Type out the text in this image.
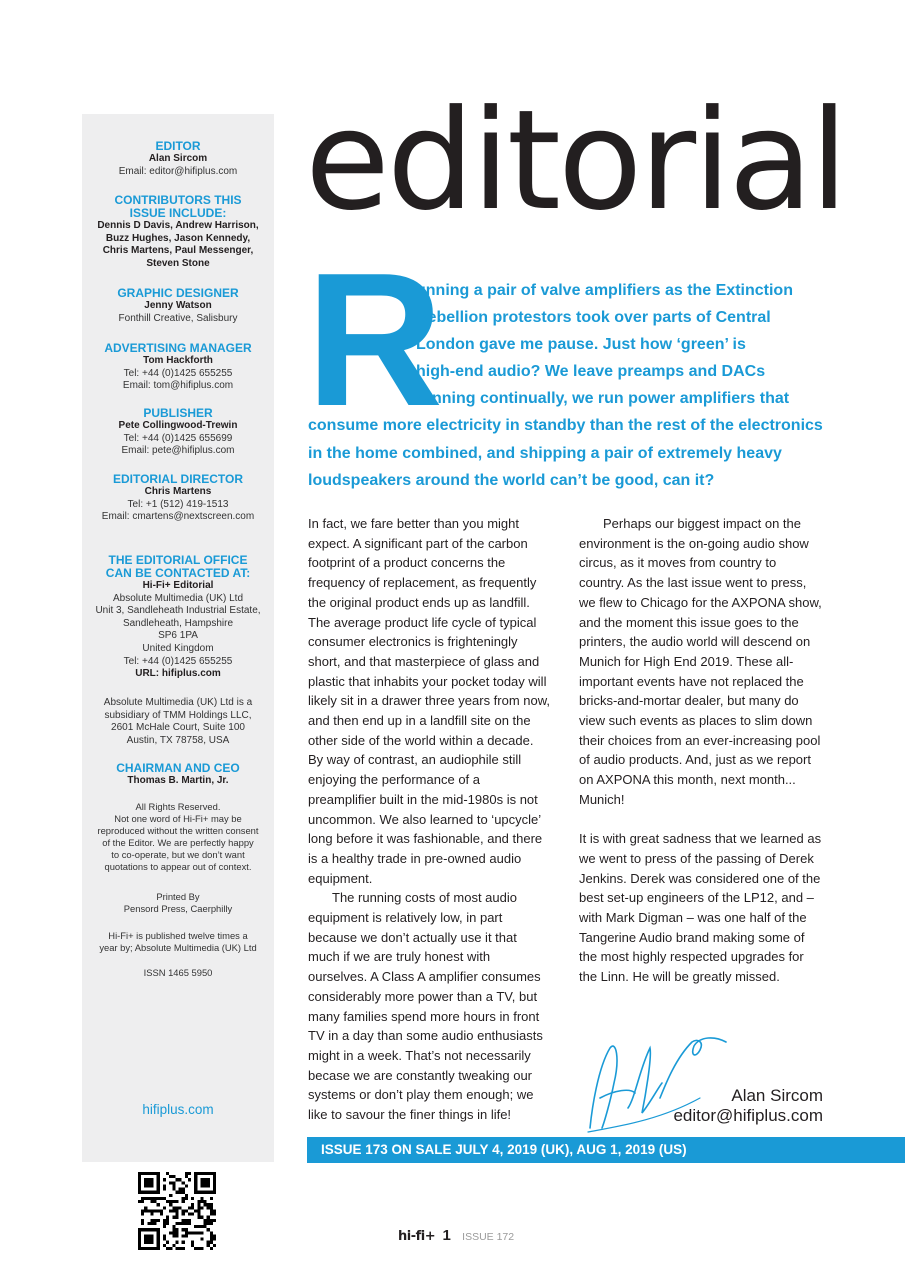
EDITOR
Alan Sircom
Email: editor@hifiplus.com
CONTRIBUTORS THIS
ISSUE INCLUDE:
Dennis D Davis, Andrew Harrison,
Buzz Hughes, Jason Kennedy,
Chris Martens, Paul Messenger,
Steven Stone
GRAPHIC DESIGNER
Jenny Watson
Fonthill Creative, Salisbury
ADVERTISING MANAGER
Tom Hackforth
Tel: +44 (0)1425 655255
Email: tom@hifiplus.com
PUBLISHER
Pete Collingwood-Trewin
Tel: +44 (0)1425 655699
Email: pete@hifiplus.com
EDITORIAL DIRECTOR
Chris Martens
Tel: +1 (512) 419-1513
Email: cmartens@nextscreen.com
THE EDITORIAL OFFICE
CAN BE CONTACTED AT:
Hi-Fi+ Editorial
Absolute Multimedia (UK) Ltd
Unit 3, Sandleheath Industrial Estate,
Sandleheath, Hampshire
SP6 1PA
United Kingdom
Tel: +44 (0)1425 655255
URL: hifiplus.com
Absolute Multimedia (UK) Ltd is a
subsidiary of TMM Holdings LLC,
2601 McHale Court, Suite 100
Austin, TX 78758, USA
CHAIRMAN AND CEO
Thomas B. Martin, Jr.
All Rights Reserved.
Not one word of Hi-Fi+ may be
reproduced without the written consent
of the Editor. We are perfectly happy
to co-operate, but we don’t want
quotations to appear out of context.
Printed By
Pensord Press, Caerphilly
Hi-Fi+ is published twelve times a
year by; Absolute Multimedia (UK) Ltd
ISSN 1465 5950
hifiplus.com
editorial
R
unning a pair of valve amplifiers as the Extinction
Rebellion protestors took over parts of Central
London gave me pause. Just how ‘green’ is
high-end audio? We leave preamps and DACs
running continually, we run power amplifiers that
consume more electricity in standby than the rest of the electronics
in the home combined, and shipping a pair of extremely heavy
loudspeakers around the world can’t be good, can it?

In fact, we fare better than you might expect. A significant part of the carbon footprint of a product concerns the frequency of replacement, as frequently the original product ends up as landfill. The average product life cycle of typical consumer electronics is frighteningly short, and that masterpiece of glass and plastic that inhabits your pocket today will likely sit in a drawer three years from now, and then end up in a landfill site on the other side of the world within a decade. By way of contrast, an audiophile still enjoying the performance of a preamplifier built in the mid-1980s is not uncommon. We also learned to ‘upcycle’ long before it was fashionable, and there is a healthy trade in pre-owned audio equipment.

The running costs of most audio equipment is relatively low, in part because we don’t actually use it that much if we are truly honest with ourselves. A Class A amplifier consumes considerably more power than a TV, but many families spend more hours in front TV in a day than some audio enthusiasts might in a week. That’s not necessarily becase we are constantly tweaking our systems or don’t play them enough; we like to savour the finer things in life!

Perhaps our biggest impact on the environment is the on-going audio show circus, as it moves from country to country. As the last issue went to press, we flew to Chicago for the AXPONA show, and the moment this issue goes to the printers, the audio world will descend on Munich for High End 2019. These all-important events have not replaced the bricks-and-mortar dealer, but many do view such events as places to slim down their choices from an ever-increasing pool of audio products. And, just as we report on AXPONA this month, next month... Munich!

It is with great sadness that we learned as we went to press of the passing of Derek Jenkins. Derek was considered one of the best set-up engineers of the LP12, and – with Mark Digman – was one half of the Tangerine Audio brand making some of the most highly respected upgrades for the Linn. He will be greatly missed.

Alan Sircom
editor@hifiplus.com
ISSUE 173 ON SALE JULY 4, 2019 (UK), AUG 1, 2019 (US)
hi-fi+ 1 ISSUE 172
